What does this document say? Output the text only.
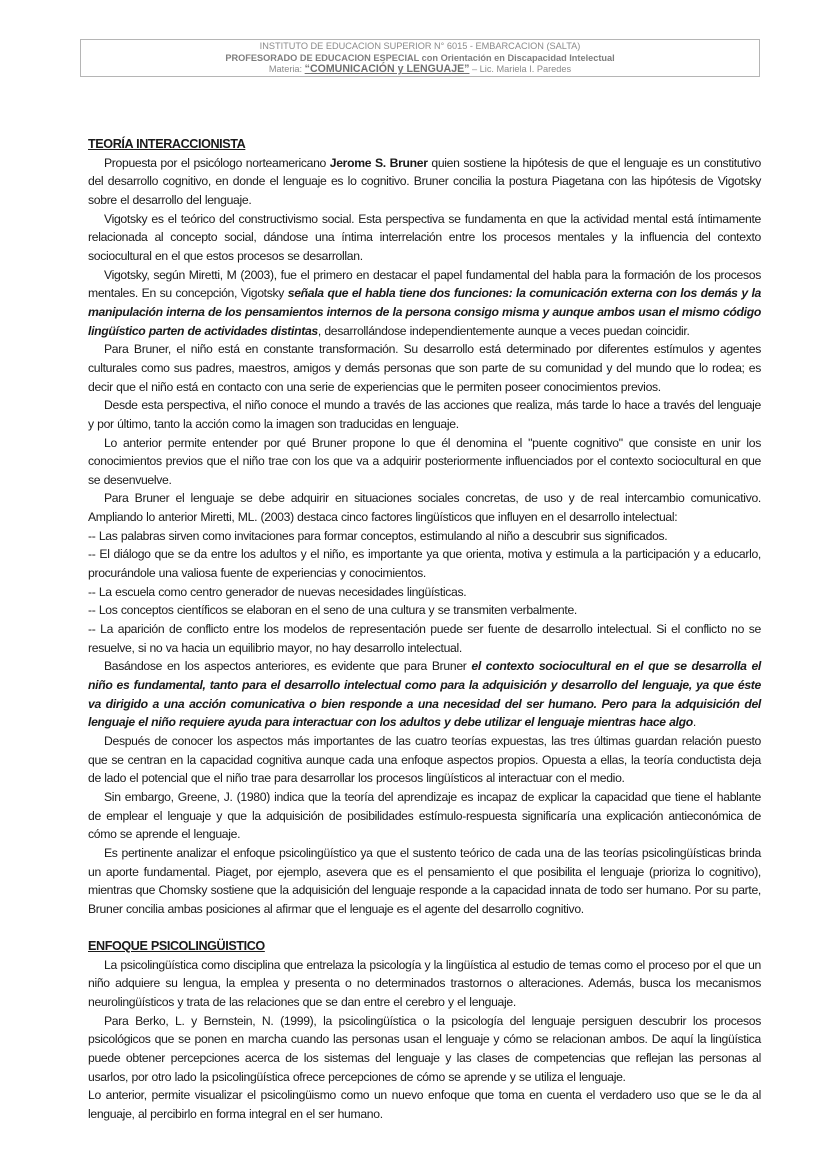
INSTITUTO DE EDUCACION SUPERIOR N° 6015 - EMBARCACION (SALTA)
PROFESORADO DE EDUCACION ESPECIAL con Orientación en Discapacidad Intelectual
Materia: “COMUNICACIÓN y LENGUAJE” – Lic. Mariela I. Paredes
TEORÍA INTERACCIONISTA

Propuesta por el psicólogo norteamericano Jerome S. Bruner quien sostiene la hipótesis de que el lenguaje es un constitutivo del desarrollo cognitivo, en donde el lenguaje es lo cognitivo. Bruner concilia la postura Piagetana con las hipótesis de Vigotsky sobre el desarrollo del lenguaje.

Vigotsky es el teórico del constructivismo social. Esta perspectiva se fundamenta en que la actividad mental está íntimamente relacionada al concepto social, dándose una íntima interrelación entre los procesos mentales y la influencia del contexto sociocultural en el que estos procesos se desarrollan.

Vigotsky, según Miretti, M (2003), fue el primero en destacar el papel fundamental del habla para la formación de los procesos mentales. En su concepción, Vigotsky señala que el habla tiene dos funciones: la comunicación externa con los demás y la manipulación interna de los pensamientos internos de la persona consigo misma y aunque ambos usan el mismo código lingüístico parten de actividades distintas, desarrollándose independientemente aunque a veces puedan coincidir.

Para Bruner, el niño está en constante transformación. Su desarrollo está determinado por diferentes estímulos y agentes culturales como sus padres, maestros, amigos y demás personas que son parte de su comunidad y del mundo que lo rodea; es decir que el niño está en contacto con una serie de experiencias que le permiten poseer conocimientos previos.

Desde esta perspectiva, el niño conoce el mundo a través de las acciones que realiza, más tarde lo hace a través del lenguaje y por último, tanto la acción como la imagen son traducidas en lenguaje.

Lo anterior permite entender por qué Bruner propone lo que él denomina el "puente cognitivo" que consiste en unir los conocimientos previos que el niño trae con los que va a adquirir posteriormente influenciados por el contexto sociocultural en que se desenvuelve.

Para Bruner el lenguaje se debe adquirir en situaciones sociales concretas, de uso y de real intercambio comunicativo. Ampliando lo anterior Miretti, ML. (2003) destaca cinco factores lingüísticos que influyen en el desarrollo intelectual:

-- Las palabras sirven como invitaciones para formar conceptos, estimulando al niño a descubrir sus significados.

-- El diálogo que se da entre los adultos y el niño, es importante ya que orienta, motiva y estimula a la participación y a educarlo, procurándole una valiosa fuente de experiencias y conocimientos.

-- La escuela como centro generador de nuevas necesidades lingüísticas.

-- Los conceptos científicos se elaboran en el seno de una cultura y se transmiten verbalmente.

-- La aparición de conflicto entre los modelos de representación puede ser fuente de desarrollo intelectual. Si el conflicto no se resuelve, si no va hacia un equilibrio mayor, no hay desarrollo intelectual.

Basándose en los aspectos anteriores, es evidente que para Bruner el contexto sociocultural en el que se desarrolla el niño es fundamental, tanto para el desarrollo intelectual como para la adquisición y desarrollo del lenguaje, ya que éste va dirigido a una acción comunicativa o bien responde a una necesidad del ser humano. Pero para la adquisición del lenguaje el niño requiere ayuda para interactuar con los adultos y debe utilizar el lenguaje mientras hace algo.

Después de conocer los aspectos más importantes de las cuatro teorías expuestas, las tres últimas guardan relación puesto que se centran en la capacidad cognitiva aunque cada una enfoque aspectos propios. Opuesta a ellas, la teoría conductista deja de lado el potencial que el niño trae para desarrollar los procesos lingüísticos al interactuar con el medio.

Sin embargo, Greene, J. (1980) indica que la teoría del aprendizaje es incapaz de explicar la capacidad que tiene el hablante de emplear el lenguaje y que la adquisición de posibilidades estímulo-respuesta significaría una explicación antieconómica de cómo se aprende el lenguaje.

Es pertinente analizar el enfoque psicolingüístico ya que el sustento teórico de cada una de las teorías psicolingüísticas brinda un aporte fundamental. Piaget, por ejemplo, asevera que es el pensamiento el que posibilita el lenguaje (prioriza lo cognitivo), mientras que Chomsky sostiene que la adquisición del lenguaje responde a la capacidad innata de todo ser humano. Por su parte, Bruner concilia ambas posiciones al afirmar que el lenguaje es el agente del desarrollo cognitivo.

ENFOQUE PSICOLINGÜISTICO

La psicolingüística como disciplina que entrelaza la psicología y la lingüística al estudio de temas como el proceso por el que un niño adquiere su lengua, la emplea y presenta o no determinados trastornos o alteraciones. Además, busca los mecanismos neurolingüísticos y trata de las relaciones que se dan entre el cerebro y el lenguaje.

Para Berko, L. y Bernstein, N. (1999), la psicolingüística o la psicología del lenguaje persiguen descubrir los procesos psicológicos que se ponen en marcha cuando las personas usan el lenguaje y cómo se relacionan ambos. De aquí la lingüística puede obtener percepciones acerca de los sistemas del lenguaje y las clases de competencias que reflejan las personas al usarlos, por otro lado la psicolingüística ofrece percepciones de cómo se aprende y se utiliza el lenguaje.

Lo anterior, permite visualizar el psicolingüismo como un nuevo enfoque que toma en cuenta el verdadero uso que se le da al lenguaje, al percibirlo en forma integral en el ser humano.
